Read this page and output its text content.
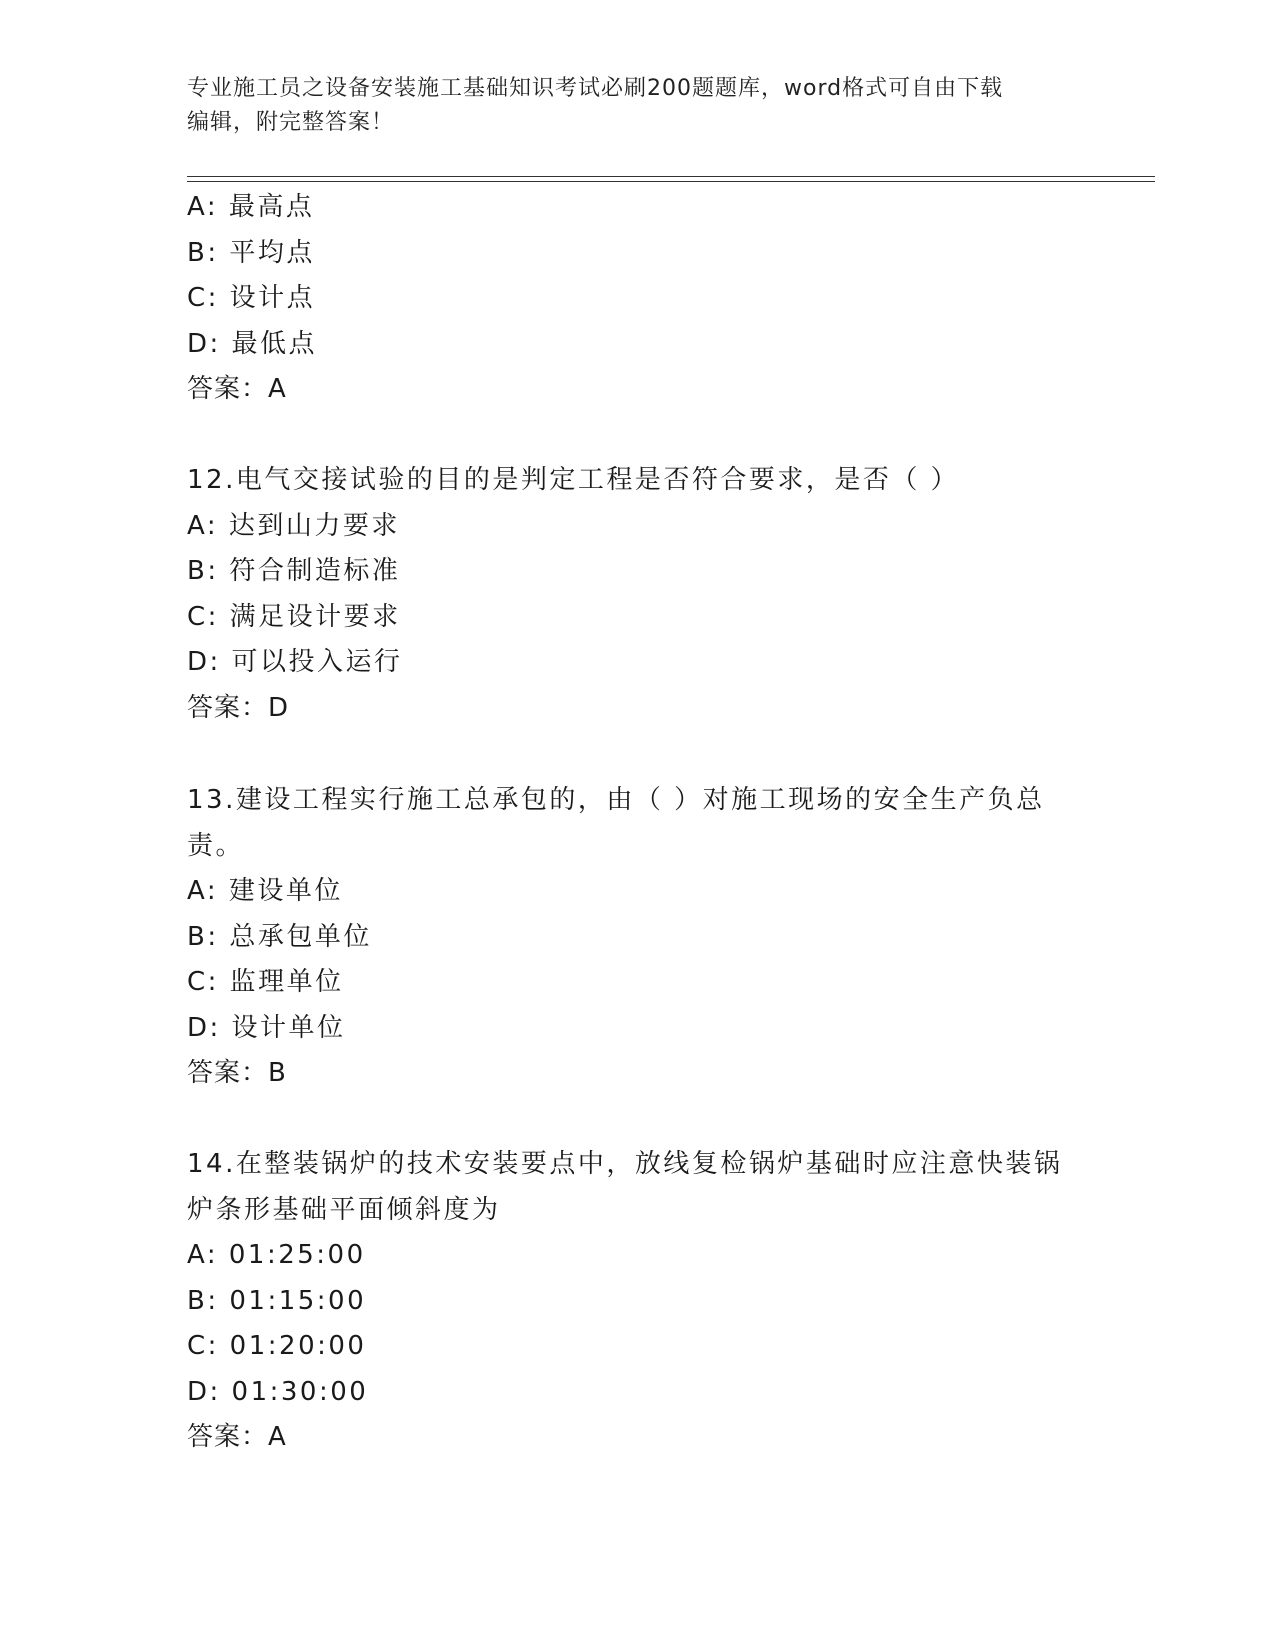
专业施工员之设备安装施工基础知识考试必刷200题题库，word格式可自由下载
编辑，附完整答案！
A: 最高点
B: 平均点
C: 设计点
D: 最低点
答案：A
12.电气交接试验的目的是判定工程是否符合要求，是否（ ）
A: 达到山力要求
B: 符合制造标准
C: 满足设计要求
D: 可以投入运行
答案：D
13.建设工程实行施工总承包的，由（ ）对施工现场的安全生产负总
责。
A: 建设单位
B: 总承包单位
C: 监理单位
D: 设计单位
答案：B
14.在整装锅炉的技术安装要点中，放线复检锅炉基础时应注意快装锅
炉条形基础平面倾斜度为
A: 01:25:00
B: 01:15:00
C: 01:20:00
D: 01:30:00
答案：A
